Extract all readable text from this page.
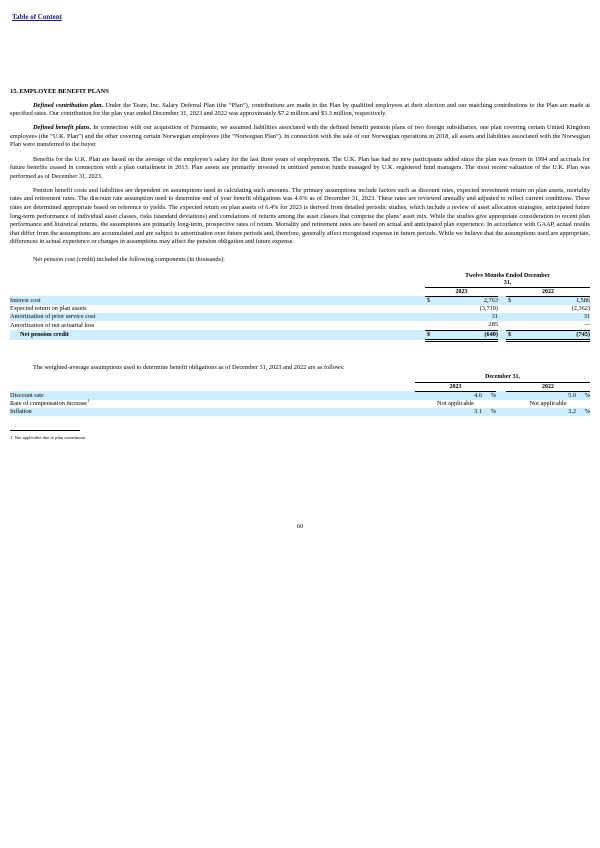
Table of Content
15. EMPLOYEE BENEFIT PLANS

Defined contribution plan. Under the Team, Inc. Salary Deferral Plan (the “Plan”), contributions are made to the Plan by qualified employees at their election and our matching contributions to the Plan are made at specified rates. Our contribution for the plan year ended December 31, 2023 and 2022 was approximately $7.2 million and $3.3 million, respectively.

Defined benefit plans. In connection with our acquisition of Furmanite, we assumed liabilities associated with the defined benefit pension plans of two foreign subsidiaries, one plan covering certain United Kingdom employees (the “U.K. Plan”) and the other covering certain Norwegian employees (the “Norwegian Plan”). In connection with the sale of our Norwegian operations in 2018, all assets and liabilities associated with the Norwegian Plan were transferred to the buyer.

Benefits for the U.K. Plan are based on the average of the employee’s salary for the last three years of employment. The U.K. Plan has had no new participants added since the plan was frozen in 1994 and accruals for future benefits ceased in connection with a plan curtailment in 2013. Plan assets are primarily invested in unitized pension funds managed by U.K. registered fund managers. The most recent valuation of the U.K. Plan was performed as of December 31, 2023.

Pension benefit costs and liabilities are dependent on assumptions used in calculating such amounts. The primary assumptions include factors such as discount rates, expected investment return on plan assets, mortality rates and retirement rates. The discount rate assumption used to determine end of year benefit obligations was 4.6% as of December 31, 2023. These rates are reviewed annually and adjusted to reflect current conditions. These rates are determined appropriate based on reference to yields. The expected return on plan assets of 6.4% for 2023 is derived from detailed periodic studies, which include a review of asset allocation strategies, anticipated future long-term performance of individual asset classes, risks (standard deviations) and correlations of returns among the asset classes that comprise the plans’ asset mix. While the studies give appropriate consideration to recent plan performance and historical returns, the assumptions are primarily long-term, prospective rates of return. Mortality and retirement rates are based on actual and anticipated plan experience. In accordance with GAAP, actual results that differ from the assumptions are accumulated and are subject to amortization over future periods and, therefore, generally affect recognized expense in future periods. While we believe that the assumptions used are appropriate, differences in actual experience or changes in assumptions may affect the pension obligation and future expense.

Net pension cost (credit) included the following components (in thousands):

	Twelve Months Ended December 31,				
	2023			2022	
Interest cost	$	2,763		$	1,586
Expected return on plan assets		(3,719)			(2,362)
Amortization of prior service cost		31			31
Amortization of net actuarial loss		285			—
Net pension credit	$	(640)		$	(745)

The weighted-average assumptions used to determine benefit obligations as of December 31, 2023 and 2022 are as follows:

	December 31,				
	2023			2022	
Discount rate	4.6	%		5.0	%
Rate of compensation increase$^1$	Not applicable			Not applicable	
Inflation	3.1	%		3.2	%
1 Not applicable due to plan curtailment.
60
